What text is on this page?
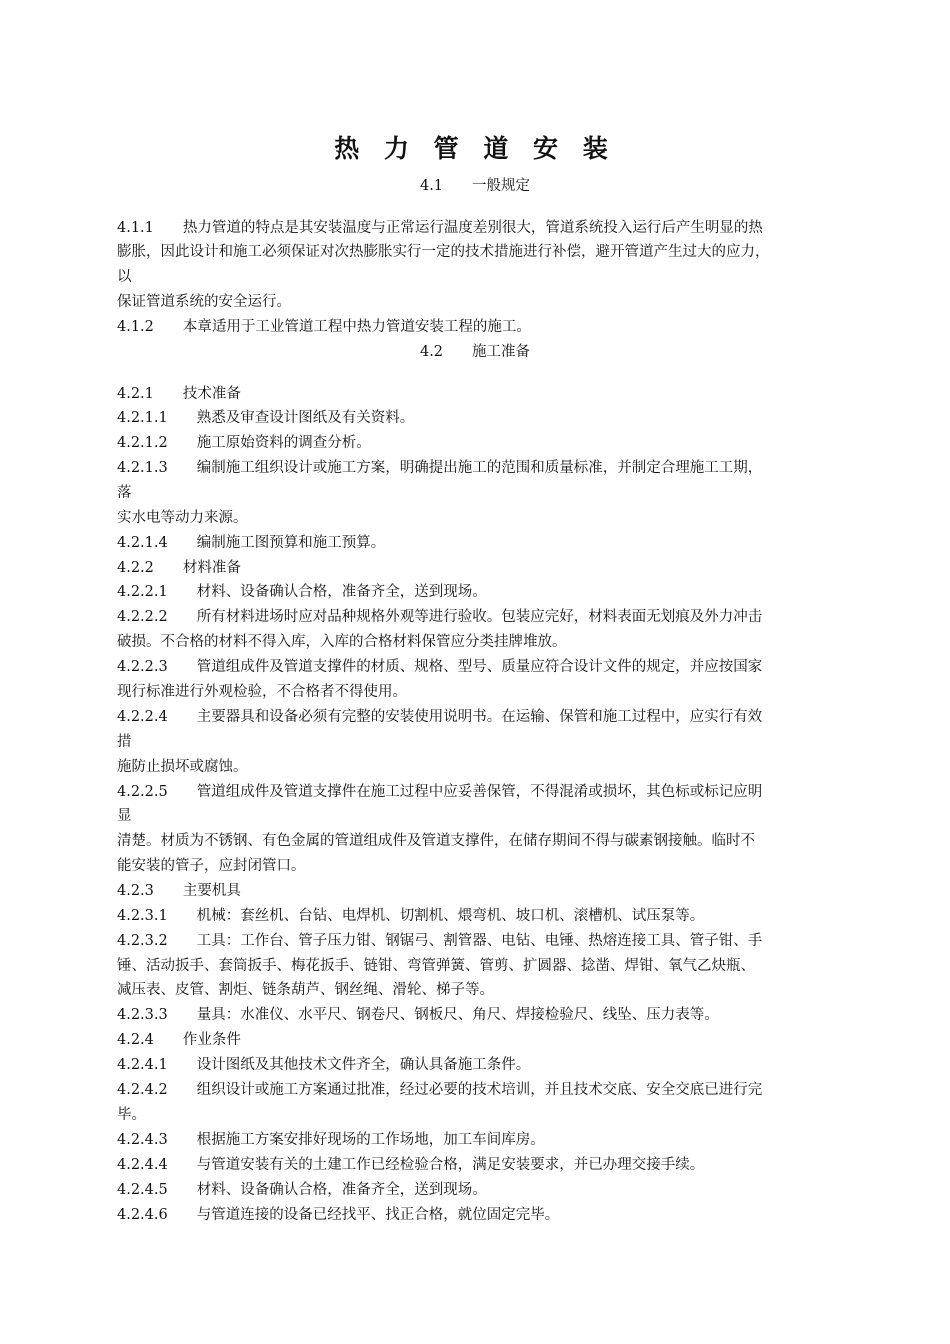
热 力 管 道 安 装
4.1　　一般规定
4.1.1　　热力管道的特点是其安装温度与正常运行温度差别很大，管道系统投入运行后产生明显的热
膨胀，因此设计和施工必须保证对次热膨胀实行一定的技术措施进行补偿，避开管道产生过大的应力，
以
保证管道系统的安全运行。
4.1.2　　本章适用于工业管道工程中热力管道安装工程的施工。
4.2　　施工准备
4.2.1　　技术准备
4.2.1.1　　熟悉及审查设计图纸及有关资料。
4.2.1.2　　施工原始资料的调查分析。
4.2.1.3　　编制施工组织设计或施工方案，明确提出施工的范围和质量标准，并制定合理施工工期，
落
实水电等动力来源。
4.2.1.4　　编制施工图预算和施工预算。
4.2.2　　材料准备
4.2.2.1　　材料、设备确认合格，准备齐全，送到现场。
4.2.2.2　　所有材料进场时应对品种规格外观等进行验收。包装应完好，材料表面无划痕及外力冲击
破损。不合格的材料不得入库，入库的合格材料保管应分类挂牌堆放。
4.2.2.3　　管道组成件及管道支撑件的材质、规格、型号、质量应符合设计文件的规定，并应按国家
现行标准进行外观检验，不合格者不得使用。
4.2.2.4　　主要器具和设备必须有完整的安装使用说明书。在运输、保管和施工过程中，应实行有效
措
施防止损坏或腐蚀。
4.2.2.5　　管道组成件及管道支撑件在施工过程中应妥善保管，不得混淆或损坏，其色标或标记应明
显
清楚。材质为不锈钢、有色金属的管道组成件及管道支撑件，在储存期间不得与碳素钢接触。临时不
能安装的管子，应封闭管口。
4.2.3　　主要机具
4.2.3.1　　机械：套丝机、台钻、电焊机、切割机、煨弯机、坡口机、滚槽机、试压泵等。
4.2.3.2　　工具：工作台、管子压力钳、钢锯弓、割管器、电钻、电锤、热熔连接工具、管子钳、手
锤、活动扳手、套筒扳手、梅花扳手、链钳、弯管弹簧、管剪、扩圆器、捻凿、焊钳、氧气乙炔瓶、
减压表、皮管、割炬、链条葫芦、钢丝绳、滑轮、梯子等。
4.2.3.3　　量具：水准仪、水平尺、钢卷尺、钢板尺、角尺、焊接检验尺、线坠、压力表等。
4.2.4　　作业条件
4.2.4.1　　设计图纸及其他技术文件齐全，确认具备施工条件。
4.2.4.2　　组织设计或施工方案通过批准，经过必要的技术培训，并且技术交底、安全交底已进行完
毕。
4.2.4.3　　根据施工方案安排好现场的工作场地，加工车间库房。
4.2.4.4　　与管道安装有关的土建工作已经检验合格，满足安装要求，并已办理交接手续。
4.2.4.5　　材料、设备确认合格，准备齐全，送到现场。
4.2.4.6　　与管道连接的设备已经找平、找正合格，就位固定完毕。
